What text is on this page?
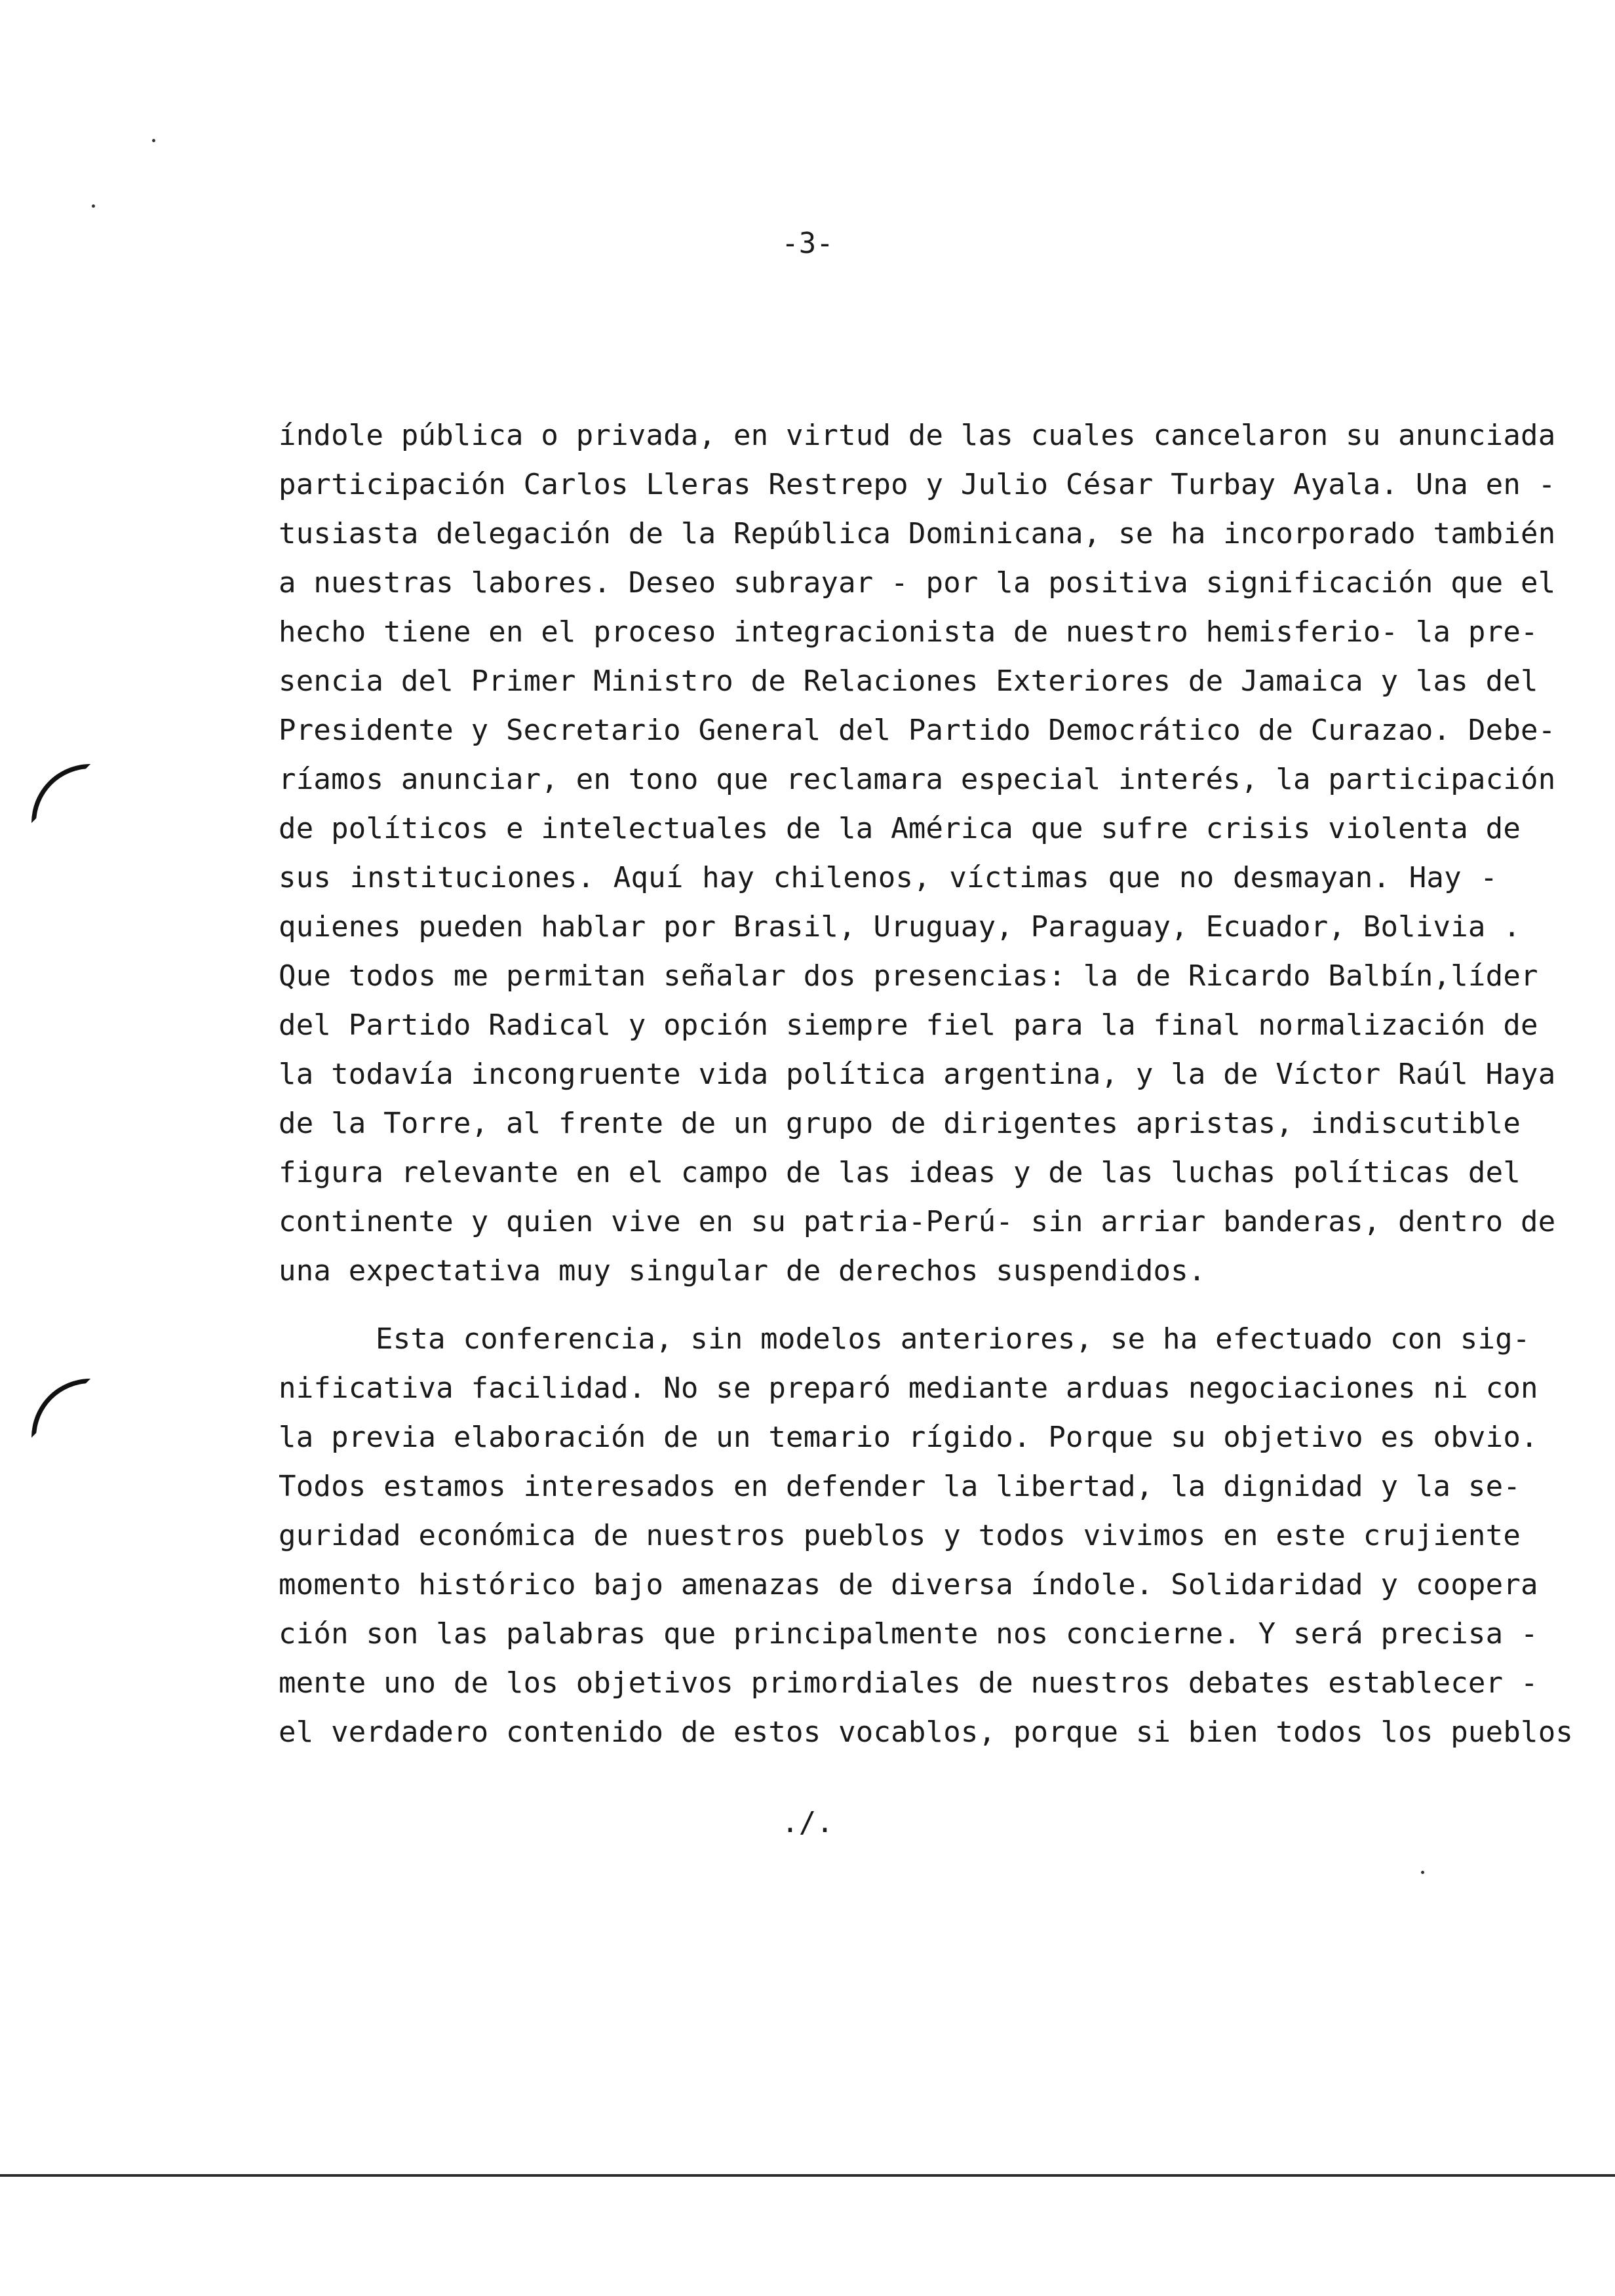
-3-
índole pública o privada, en virtud de las cuales cancelaron su anunciada
participación Carlos Lleras Restrepo y Julio César Turbay Ayala. Una en -
tusiasta delegación de la República Dominicana, se ha incorporado también
a nuestras labores. Deseo subrayar - por la positiva significación que el
hecho tiene en el proceso integracionista de nuestro hemisferio- la pre-
sencia del Primer Ministro de Relaciones Exteriores de Jamaica y las del
Presidente y Secretario General del Partido Democrático de Curazao. Debe-
ríamos anunciar, en tono que reclamara especial interés, la participación
de políticos e intelectuales de la América que sufre crisis violenta de
sus instituciones. Aquí hay chilenos, víctimas que no desmayan. Hay -
quienes pueden hablar por Brasil, Uruguay, Paraguay, Ecuador, Bolivia .
Que todos me permitan señalar dos presencias: la de Ricardo Balbín,líder
del Partido Radical y opción siempre fiel para la final normalización de
la todavía incongruente vida política argentina, y la de Víctor Raúl Haya
de la Torre, al frente de un grupo de dirigentes apristas, indiscutible
figura relevante en el campo de las ideas y de las luchas políticas del
continente y quien vive en su patria-Perú- sin arriar banderas, dentro de
una expectativa muy singular de derechos suspendidos.
Esta conferencia, sin modelos anteriores, se ha efectuado con sig-
nificativa facilidad. No se preparó mediante arduas negociaciones ni con
la previa elaboración de un temario rígido. Porque su objetivo es obvio.
Todos estamos interesados en defender la libertad, la dignidad y la se-
guridad económica de nuestros pueblos y todos vivimos en este crujiente
momento histórico bajo amenazas de diversa índole. Solidaridad y coopera
ción son las palabras que principalmente nos concierne. Y será precisa -
mente uno de los objetivos primordiales de nuestros debates establecer -
el verdadero contenido de estos vocablos, porque si bien todos los pueblos
./.
